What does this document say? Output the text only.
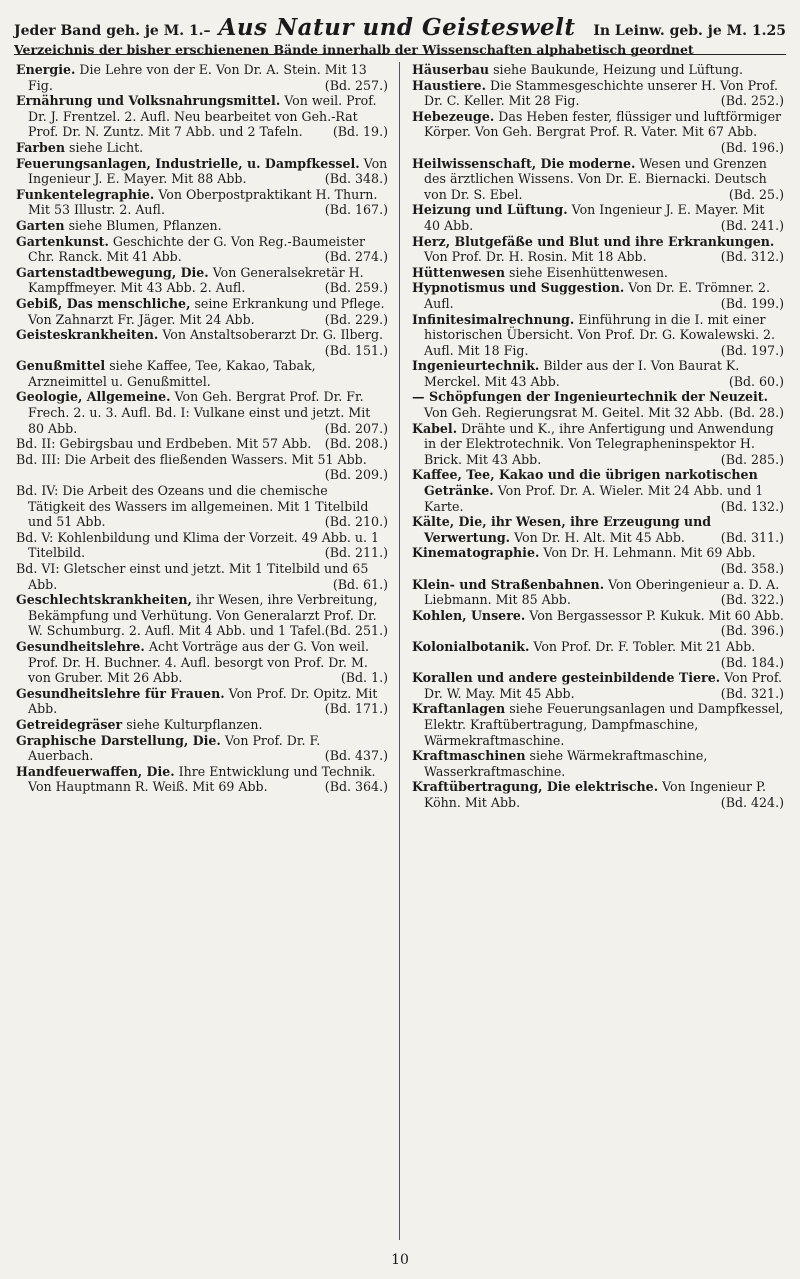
Jeder Band geh. je M. 1.– Aus Natur und Geisteswelt In Leinw. geb. je M. 1.25
Verzeichnis der bisher erschienenen Bände innerhalb der Wissenschaften alphabetisch geordnet
Energie. Die Lehre von der E. Von Dr. A. Stein. Mit 13 Fig.	(Bd. 257.)
Ernährung und Volksnahrungsmittel. Von weil. Prof. Dr. J. Frentzel. 2. Aufl. Neu bearbeitet von Geh.-Rat Prof. Dr. N. Zuntz. Mit 7 Abb. und 2 Tafeln. (Bd. 19.)
Farben siehe Licht.
Feuerungsanlagen, Industrielle, u. Dampfkessel. Von Ingenieur J. E. Mayer. Mit 88 Abb.	(Bd. 348.)
Funkentelegraphie. Von Oberpostpraktikant H. Thurn. Mit 53 Illustr. 2. Aufl.	(Bd. 167.)
Garten siehe Blumen, Pflanzen.
Gartenkunst. Geschichte der G. Von Reg.-Baumeister Chr. Ranck. Mit 41 Abb.	(Bd. 274.)
Gartenstadtbewegung, Die. Von Generalsekretär H. Kampffmeyer. Mit 43 Abb. 2. Aufl.	(Bd. 259.)
Gebiß, Das menschliche, seine Erkrankung und Pflege. Von Zahnarzt Fr. Jäger. Mit 24 Abb.	(Bd. 229.)
Geisteskrankheiten. Von Anstaltsoberarzt Dr. G. Ilberg.
(Bd. 151.)
Genußmittel siehe Kaffee, Tee, Kakao, Tabak, Arzneimittel u. Genußmittel.
Geologie, Allgemeine. Von Geh. Bergrat Prof. Dr. Fr. Frech. 2. u. 3. Aufl. Bd. I: Vulkane einst und jetzt. Mit 80 Abb.	(Bd. 207.)
Bd. II: Gebirgsbau und Erdbeben. Mit 57 Abb. (Bd. 208.)
Bd. III: Die Arbeit des fließenden Wassers. Mit 51 Abb.
(Bd. 209.)
Bd. IV: Die Arbeit des Ozeans und die chemische Tätigkeit des Wassers im allgemeinen. Mit 1 Titelbild und 51 Abb.	(Bd. 210.)
Bd. V: Kohlenbildung und Klima der Vorzeit. 49 Abb. u. 1 Titelbild.	(Bd. 211.)
Bd. VI: Gletscher einst und jetzt. Mit 1 Titelbild und 65 Abb.	(Bd. 61.)
Geschlechtskrankheiten, ihr Wesen, ihre Verbreitung, Bekämpfung und Verhütung. Von Generalarzt Prof. Dr. W. Schumburg. 2. Aufl. Mit 4 Abb. und 1 Tafel. (Bd. 251.)
Gesundheitslehre. Acht Vorträge aus der G. Von weil. Prof. Dr. H. Buchner. 4. Aufl. besorgt von Prof. Dr. M. von Gruber. Mit 26 Abb.	(Bd. 1.)
Gesundheitslehre für Frauen. Von Prof. Dr. Opitz. Mit Abb.	(Bd. 171.)
Getreidegräser siehe Kulturpflanzen.
Graphische Darstellung, Die. Von Prof. Dr. F. Auerbach.	(Bd. 437.)
Handfeuerwaffen, Die. Ihre Entwicklung und Technik. Von Hauptmann R. Weiß. Mit 69 Abb.	(Bd. 364.)
Häuserbau siehe Baukunde, Heizung und Lüftung.
Haustiere. Die Stammesgeschichte unserer H. Von Prof. Dr. C. Keller. Mit 28 Fig.	(Bd. 252.)
Hebezeuge. Das Heben fester, flüssiger und luftförmiger Körper. Von Geh. Bergrat Prof. R. Vater. Mit 67 Abb.
(Bd. 196.)
Heilwissenschaft, Die moderne. Wesen und Grenzen des ärztlichen Wissens. Von Dr. E. Biernacki. Deutsch von Dr. S. Ebel.	(Bd. 25.)
Heizung und Lüftung. Von Ingenieur J. E. Mayer. Mit 40 Abb.	(Bd. 241.)
Herz, Blutgefäße und Blut und ihre Erkrankungen. Von Prof. Dr. H. Rosin. Mit 18 Abb.	(Bd. 312.)
Hüttenwesen siehe Eisenhüttenwesen.
Hypnotismus und Suggestion. Von Dr. E. Trömner. 2. Aufl.	(Bd. 199.)
Infinitesimalrechnung. Einführung in die I. mit einer historischen Übersicht. Von Prof. Dr. G. Kowalewski. 2. Aufl. Mit 18 Fig.	(Bd. 197.)
Ingenieurtechnik. Bilder aus der I. Von Baurat K. Merckel. Mit 43 Abb.	(Bd. 60.)
— Schöpfungen der Ingenieurtechnik der Neuzeit. Von Geh. Regierungsrat M. Geitel. Mit 32 Abb. (Bd. 28.)
Kabel. Drähte und K., ihre Anfertigung und Anwendung in der Elektrotechnik. Von Telegrapheninspektor H. Brick. Mit 43 Abb.	(Bd. 285.)
Kaffee, Tee, Kakao und die übrigen narkotischen Getränke. Von Prof. Dr. A. Wieler. Mit 24 Abb. und 1 Karte.	(Bd. 132.)
Kälte, Die, ihr Wesen, ihre Erzeugung und Verwertung. Von Dr. H. Alt. Mit 45 Abb.	(Bd. 311.)
Kinematographie. Von Dr. H. Lehmann. Mit 69 Abb.
(Bd. 358.)
Klein- und Straßenbahnen. Von Oberingenieur a. D. A. Liebmann. Mit 85 Abb.	(Bd. 322.)
Kohlen, Unsere. Von Bergassessor P. Kukuk. Mit 60 Abb.
(Bd. 396.)
Kolonialbotanik. Von Prof. Dr. F. Tobler. Mit 21 Abb.
(Bd. 184.)
Korallen und andere gesteinbildende Tiere. Von Prof. Dr. W. May. Mit 45 Abb.	(Bd. 321.)
Kraftanlagen siehe Feuerungsanlagen und Dampfkessel, Elektr. Kraftübertragung, Dampfmaschine, Wärmekraftmaschine.
Kraftmaschinen siehe Wärmekraftmaschine, Wasserkraftmaschine.
Kraftübertragung, Die elektrische. Von Ingenieur P. Köhn. Mit Abb.	(Bd. 424.)
10
